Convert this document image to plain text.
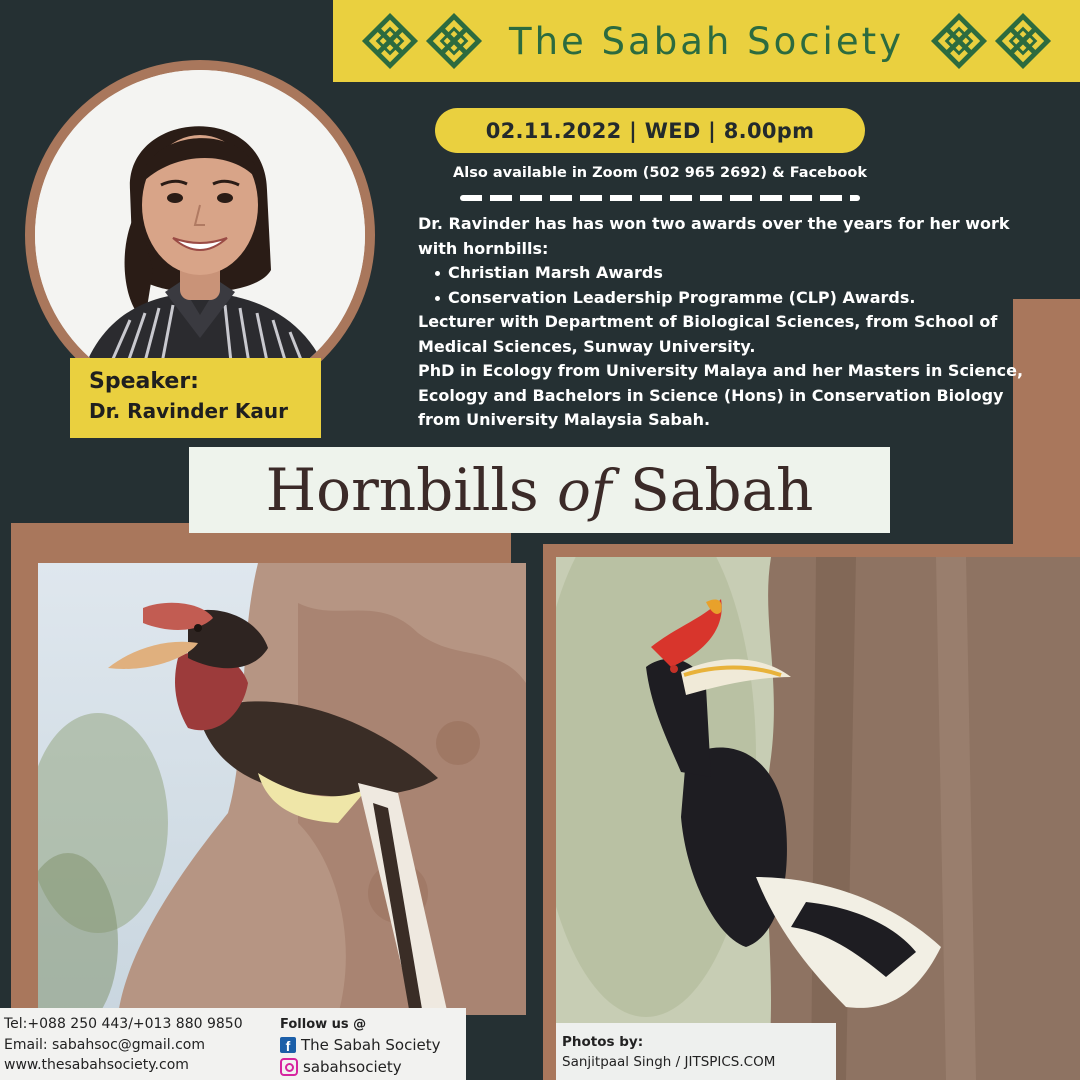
The Sabah Society
Speaker:
Dr. Ravinder Kaur
02.11.2022 | WED | 8.00pm
Also available in Zoom (502 965 2692) & Facebook

Dr. Ravinder has has won two awards over the years for her work with hornbills:

Christian Marsh Awards
Conservation Leadership Programme (CLP) Awards.

Lecturer with Department of Biological Sciences, from School of Medical Sciences, Sunway University.

PhD in Ecology from University Malaya and her Masters in Science, Ecology and Bachelors in Science (Hons) in Conservation Biology from University Malaysia Sabah.

Hornbills of Sabah
Tel:+088 250 443/+013 880 9850
Email: sabahsoc@gmail.com
www.thesabahsociety.com
Follow us @
f The Sabah Society
sabahsociety
Photos by:
Sanjitpaal Singh / JITSPICS.COM
